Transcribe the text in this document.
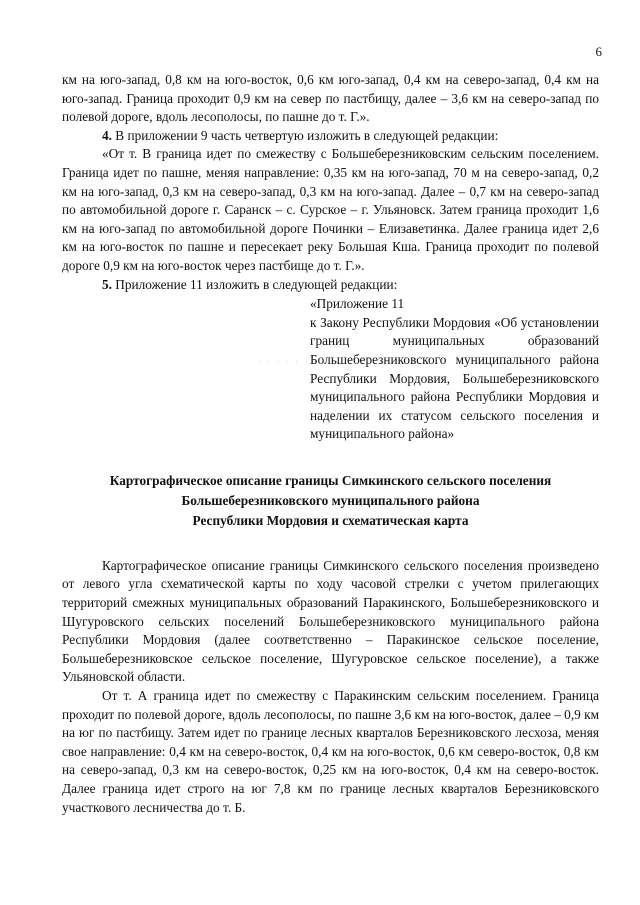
6
· · · · · · ·

км на юго-запад, 0,8 км на юго-восток, 0,6 км юго-запад, 0,4 км на северо-запад, 0,4 км на юго-запад. Граница проходит 0,9 км на север по пастбищу, далее – 3,6 км на северо-запад по полевой дороге, вдоль лесополосы, по пашне до т. Г.».

4. В приложении 9 часть четвертую изложить в следующей редакции:

«От т. В граница идет по смежеству с Большеберезниковским сельским поселением. Граница идет по пашне, меняя направление: 0,35 км на юго-запад, 70 м на северо-запад, 0,2 км на юго-запад, 0,3 км на северо-запад, 0,3 км на юго-запад. Далее – 0,7 км на северо-запад по автомобильной дороге г. Саранск – с. Сурское – г. Ульяновск. Затем граница проходит 1,6 км на юго-запад по автомобильной дороге Починки – Елизаветинка. Далее граница идет 2,6 км на юго-восток по пашне и пересекает реку Большая Кша. Граница проходит по полевой дороге 0,9 км на юго-восток через пастбище до т. Г.».

5. Приложение 11 изложить в следующей редакции:

«Приложение 11

к Закону Республики Мордовия «Об установлении границ муниципальных образований Большеберезниковского муниципального района Республики Мордовия, Большеберезниковского муниципального района Республики Мордовия и наделении их статусом сельского поселения и муниципального района»

Картографическое описание границы Симкинского сельского поселения
Большеберезниковского муниципального района
Республики Мордовия и схематическая карта

Картографическое описание границы Симкинского сельского поселения произведено от левого угла схематической карты по ходу часовой стрелки с учетом прилегающих территорий смежных муниципальных образований Паракинского, Большеберезниковского и Шугуровского сельских поселений Большеберезниковского муниципального района Республики Мордовия (далее соответственно – Паракинское сельское поселение, Большеберезниковское сельское поселение, Шугуровское сельское поселение), а также Ульяновской области.

От т. А граница идет по смежеству с Паракинским сельским поселением. Граница проходит по полевой дороге, вдоль лесополосы, по пашне 3,6 км на юго-восток, далее – 0,9 км на юг по пастбищу. Затем идет по границе лесных кварталов Березниковского лесхоза, меняя свое направление: 0,4 км на северо-восток, 0,4 км на юго-восток, 0,6 км северо-восток, 0,8 км на северо-запад, 0,3 км на северо-восток, 0,25 км на юго-восток, 0,4 км на северо-восток. Далее граница идет строго на юг 7,8 км по границе лесных кварталов Березниковского участкового лесничества до т. Б.
